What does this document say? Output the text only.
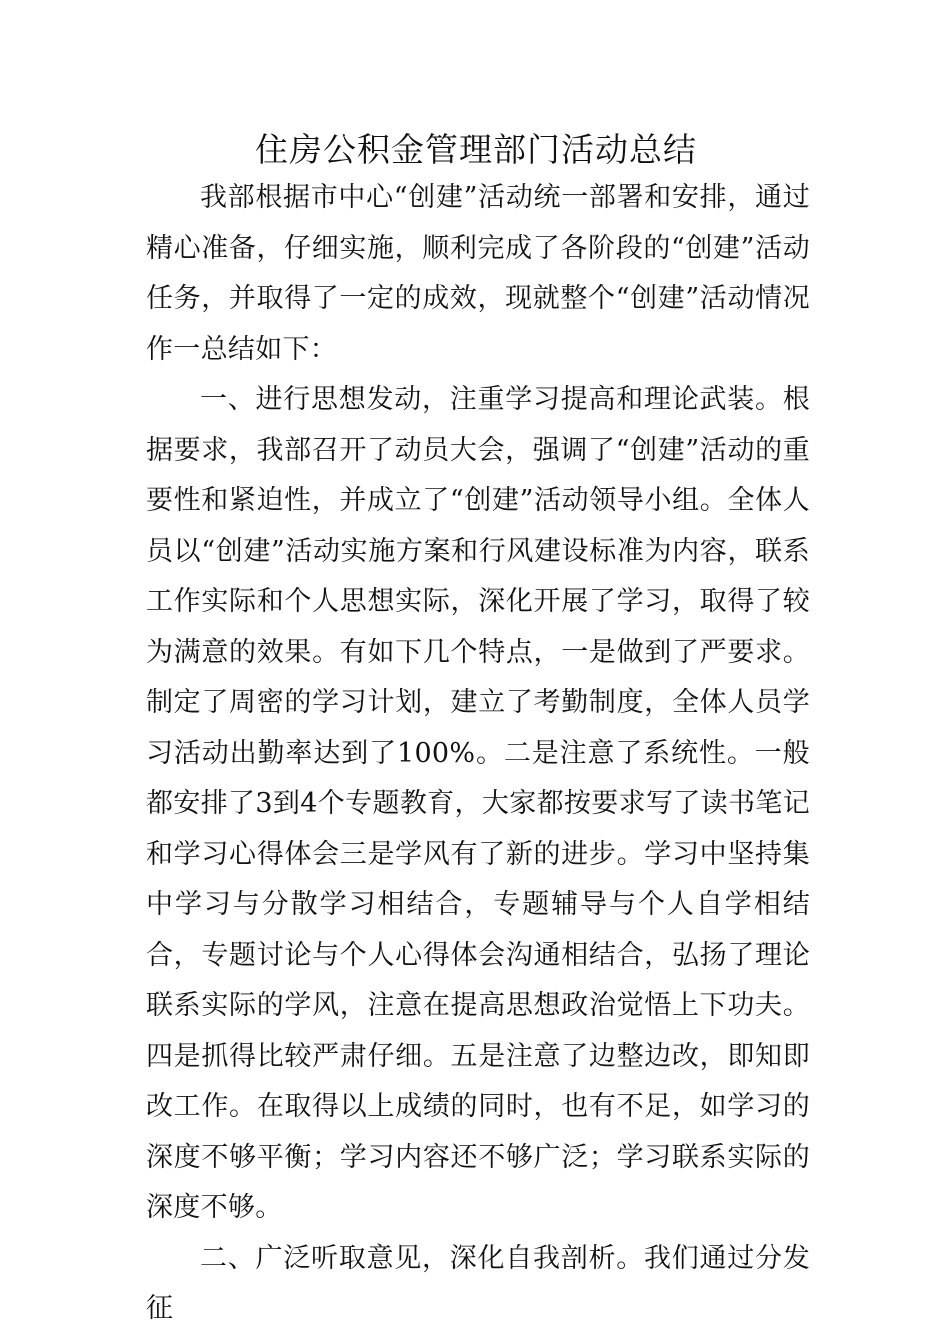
住房公积金管理部门活动总结

我部根据市中心“创建”活动统一部署和安排，通过精心准备，仔细实施，顺利完成了各阶段的“创建”活动任务，并取得了一定的成效，现就整个“创建”活动情况作一总结如下：

一、进行思想发动，注重学习提高和理论武装。根据要求，我部召开了动员大会，强调了“创建”活动的重要性和紧迫性，并成立了“创建”活动领导小组。全体人员以“创建”活动实施方案和行风建设标准为内容，联系工作实际和个人思想实际，深化开展了学习，取得了较为满意的效果。有如下几个特点，一是做到了严要求。制定了周密的学习计划，建立了考勤制度，全体人员学习活动出勤率达到了100%。二是注意了系统性。一般都安排了3到4个专题教育，大家都按要求写了读书笔记和学习心得体会三是学风有了新的进步。学习中坚持集中学习与分散学习相结合，专题辅导与个人自学相结合，专题讨论与个人心得体会沟通相结合，弘扬了理论联系实际的学风，注意在提高思想政治觉悟上下功夫。四是抓得比较严肃仔细。五是注意了边整边改，即知即改工作。在取得以上成绩的同时，也有不足，如学习的深度不够平衡；学习内容还不够广泛；学习联系实际的深度不够。

二、广泛听取意见，深化自我剖析。我们通过分发征
